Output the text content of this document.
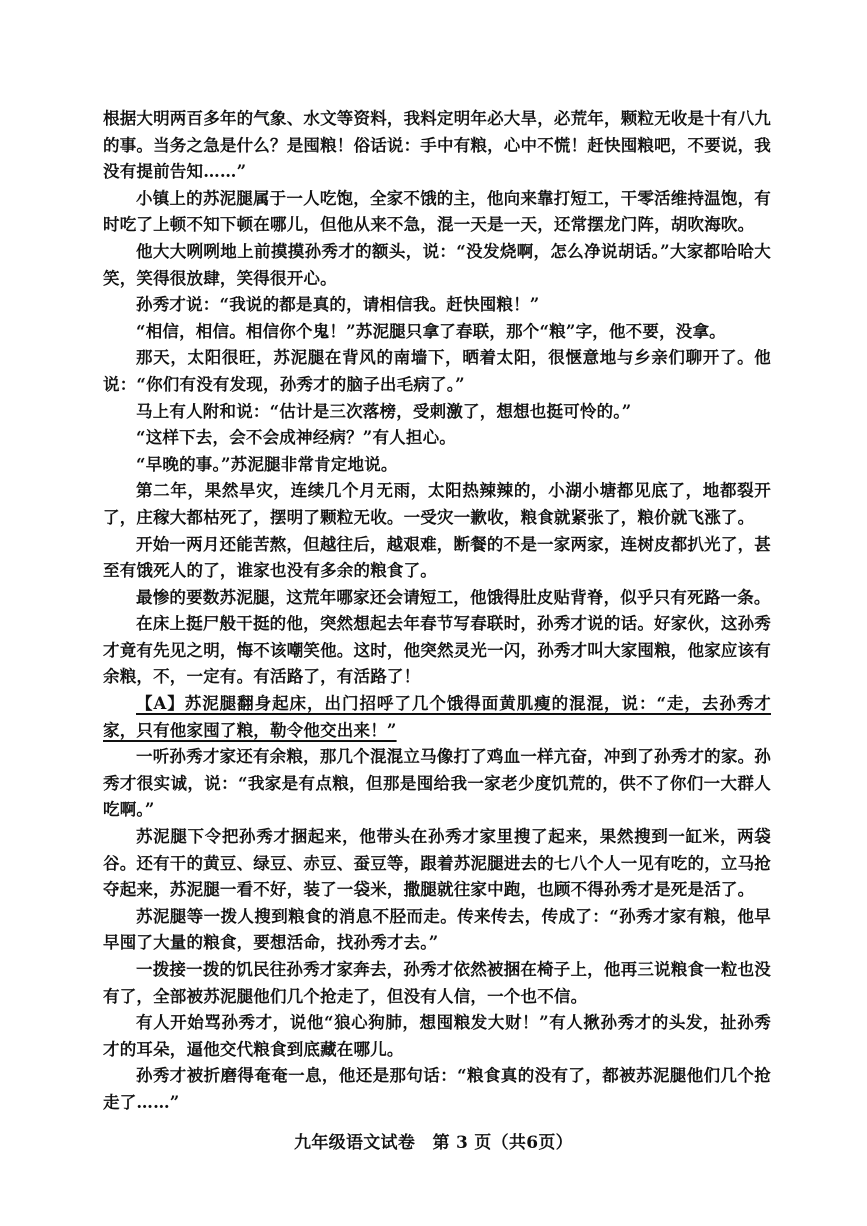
根据大明两百多年的气象、水文等资料，我料定明年必大旱，必荒年，颗粒无收是十有八九的事。当务之急是什么？是囤粮！俗话说：手中有粮，心中不慌！赶快囤粮吧，不要说，我没有提前告知……”

小镇上的苏泥腿属于一人吃饱，全家不饿的主，他向来靠打短工，干零活维持温饱，有时吃了上顿不知下顿在哪儿，但他从来不急，混一天是一天，还常摆龙门阵，胡吹海吹。

他大大咧咧地上前摸摸孙秀才的额头，说：“没发烧啊，怎么净说胡话。”大家都哈哈大笑，笑得很放肆，笑得很开心。

孙秀才说：“我说的都是真的，请相信我。赶快囤粮！”

“相信，相信。相信你个鬼！”苏泥腿只拿了春联，那个“粮”字，他不要，没拿。

那天，太阳很旺，苏泥腿在背风的南墙下，晒着太阳，很惬意地与乡亲们聊开了。他说：“你们有没有发现，孙秀才的脑子出毛病了。”

马上有人附和说：“估计是三次落榜，受刺激了，想想也挺可怜的。”

“这样下去，会不会成神经病？”有人担心。

“早晚的事。”苏泥腿非常肯定地说。

第二年，果然旱灾，连续几个月无雨，太阳热辣辣的，小湖小塘都见底了，地都裂开了，庄稼大都枯死了，摆明了颗粒无收。一受灾一歉收，粮食就紧张了，粮价就飞涨了。

开始一两月还能苦熬，但越往后，越艰难，断餐的不是一家两家，连树皮都扒光了，甚至有饿死人的了，谁家也没有多余的粮食了。

最惨的要数苏泥腿，这荒年哪家还会请短工，他饿得肚皮贴背脊，似乎只有死路一条。

在床上挺尸般干挺的他，突然想起去年春节写春联时，孙秀才说的话。好家伙，这孙秀才竟有先见之明，悔不该嘲笑他。这时，他突然灵光一闪，孙秀才叫大家囤粮，他家应该有余粮，不，一定有。有活路了，有活路了！

【A】苏泥腿翻身起床，出门招呼了几个饿得面黄肌瘦的混混，说：“走，去孙秀才家，只有他家囤了粮，勒令他交出来！”

一听孙秀才家还有余粮，那几个混混立马像打了鸡血一样亢奋，冲到了孙秀才的家。孙秀才很实诚，说：“我家是有点粮，但那是囤给我一家老少度饥荒的，供不了你们一大群人吃啊。”

苏泥腿下令把孙秀才捆起来，他带头在孙秀才家里搜了起来，果然搜到一缸米，两袋谷。还有干的黄豆、绿豆、赤豆、蚕豆等，跟着苏泥腿进去的七八个人一见有吃的，立马抢夺起来，苏泥腿一看不好，装了一袋米，撒腿就往家中跑，也顾不得孙秀才是死是活了。

苏泥腿等一拨人搜到粮食的消息不胫而走。传来传去，传成了：“孙秀才家有粮，他早早囤了大量的粮食，要想活命，找孙秀才去。”

一拨接一拨的饥民往孙秀才家奔去，孙秀才依然被捆在椅子上，他再三说粮食一粒也没有了，全部被苏泥腿他们几个抢走了，但没有人信，一个也不信。

有人开始骂孙秀才，说他“狼心狗肺，想囤粮发大财！”有人揪孙秀才的头发，扯孙秀才的耳朵，逼他交代粮食到底藏在哪儿。

孙秀才被折磨得奄奄一息，他还是那句话：“粮食真的没有了，都被苏泥腿他们几个抢走了……”

九年级语文试卷　第 3 页（共6页）
